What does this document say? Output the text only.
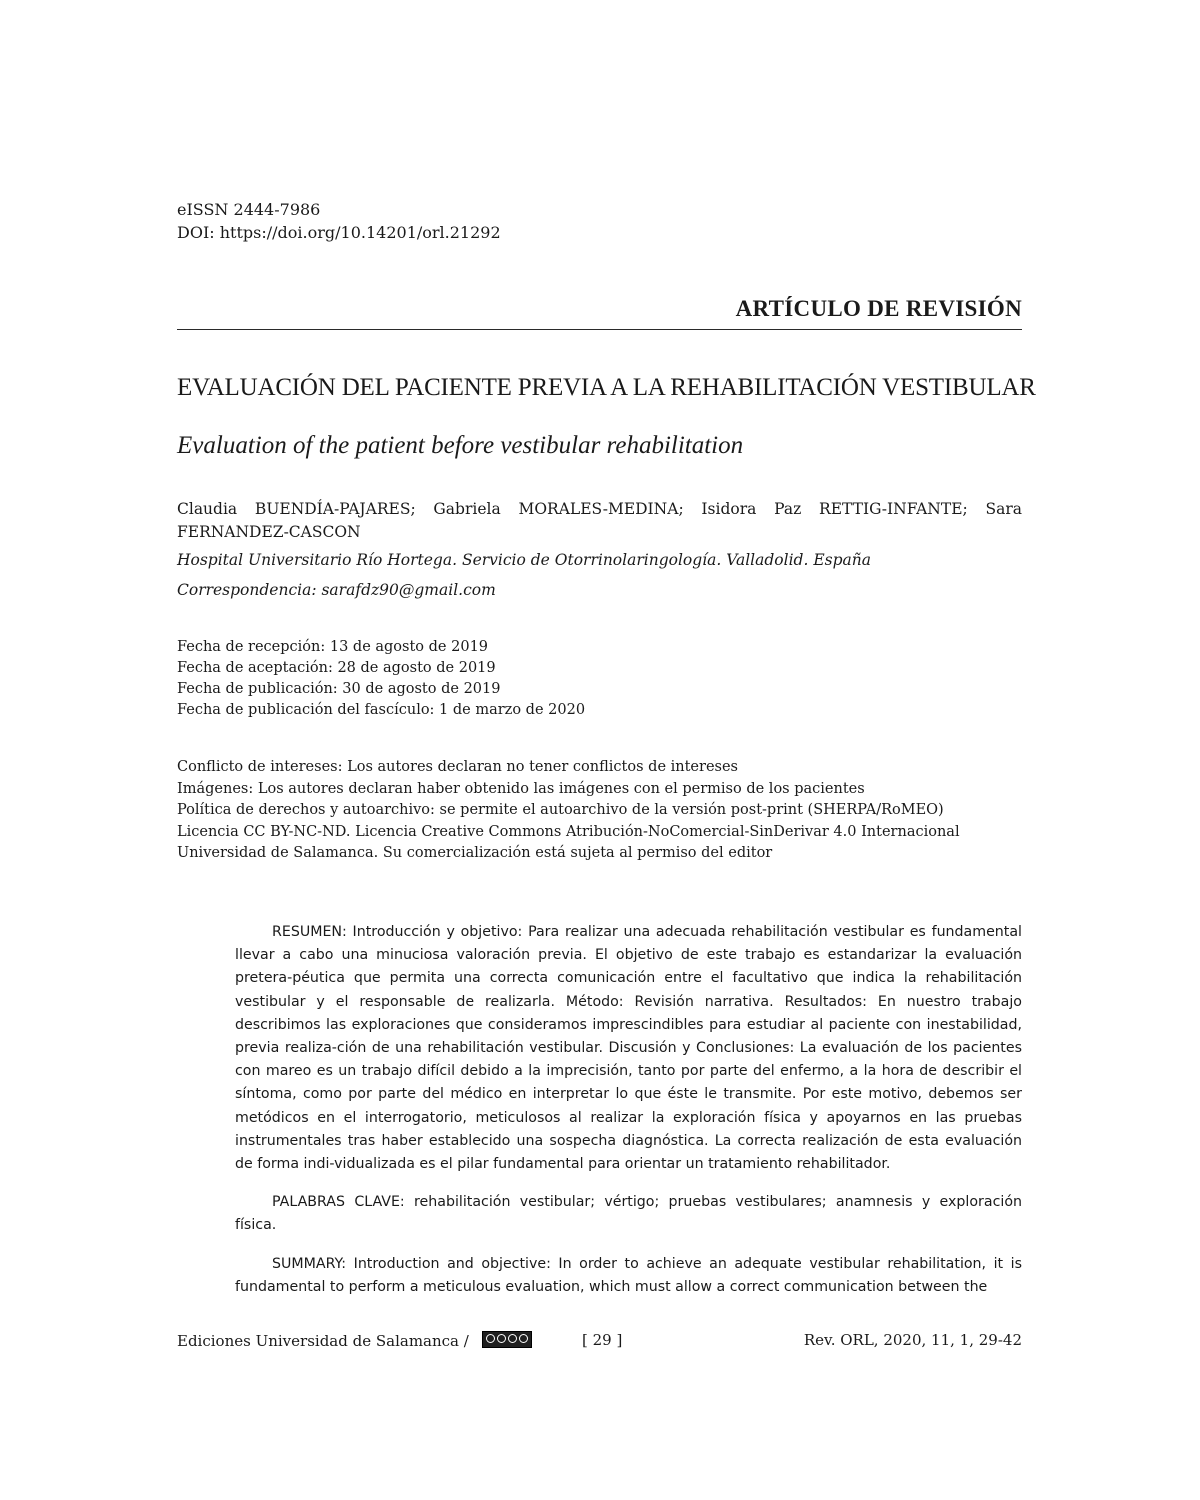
eISSN 2444-7986
DOI: https://doi.org/10.14201/orl.21292
ARTÍCULO DE REVISIÓN
EVALUACIÓN DEL PACIENTE PREVIA A LA REHABILITACIÓN VESTIBULAR
Evaluation of the patient before vestibular rehabilitation
Claudia BUENDÍA-PAJARES; Gabriela MORALES-MEDINA; Isidora Paz RETTIG-INFANTE; Sara FERNANDEZ-CASCON
Hospital Universitario Río Hortega. Servicio de Otorrinolaringología. Valladolid. España
Correspondencia: sarafdz90@gmail.com
Fecha de recepción: 13 de agosto de 2019
Fecha de aceptación: 28 de agosto de 2019
Fecha de publicación: 30 de agosto de 2019
Fecha de publicación del fascículo: 1 de marzo de 2020
Conflicto de intereses: Los autores declaran no tener conflictos de intereses
Imágenes: Los autores declaran haber obtenido las imágenes con el permiso de los pacientes
Política de derechos y autoarchivo: se permite el autoarchivo de la versión post-print (SHERPA/RoMEO)
Licencia CC BY-NC-ND. Licencia Creative Commons Atribución-NoComercial-SinDerivar 4.0 Internacional
Universidad de Salamanca. Su comercialización está sujeta al permiso del editor

RESUMEN: Introducción y objetivo: Para realizar una adecuada rehabilitación vestibular es fundamental llevar a cabo una minuciosa valoración previa. El objetivo de este trabajo es estandarizar la evaluación pretera-péutica que permita una correcta comunicación entre el facultativo que indica la rehabilitación vestibular y el responsable de realizarla. Método: Revisión narrativa. Resultados: En nuestro trabajo describimos las exploraciones que consideramos imprescindibles para estudiar al paciente con inestabilidad, previa realiza-ción de una rehabilitación vestibular. Discusión y Conclusiones: La evaluación de los pacientes con mareo es un trabajo difícil debido a la imprecisión, tanto por parte del enfermo, a la hora de describir el síntoma, como por parte del médico en interpretar lo que éste le transmite. Por este motivo, debemos ser metódicos en el interrogatorio, meticulosos al realizar la exploración física y apoyarnos en las pruebas instrumentales tras haber establecido una sospecha diagnóstica. La correcta realización de esta evaluación de forma indi-vidualizada es el pilar fundamental para orientar un tratamiento rehabilitador.

PALABRAS CLAVE: rehabilitación vestibular; vértigo; pruebas vestibulares; anamnesis y exploración física.

SUMMARY: Introduction and objective: In order to achieve an adequate vestibular rehabilitation, it is fundamental to perform a meticulous evaluation, which must allow a correct communication between the

Ediciones Universidad de Salamanca /	[ 29 ]	Rev. ORL, 2020, 11, 1, 29-42
